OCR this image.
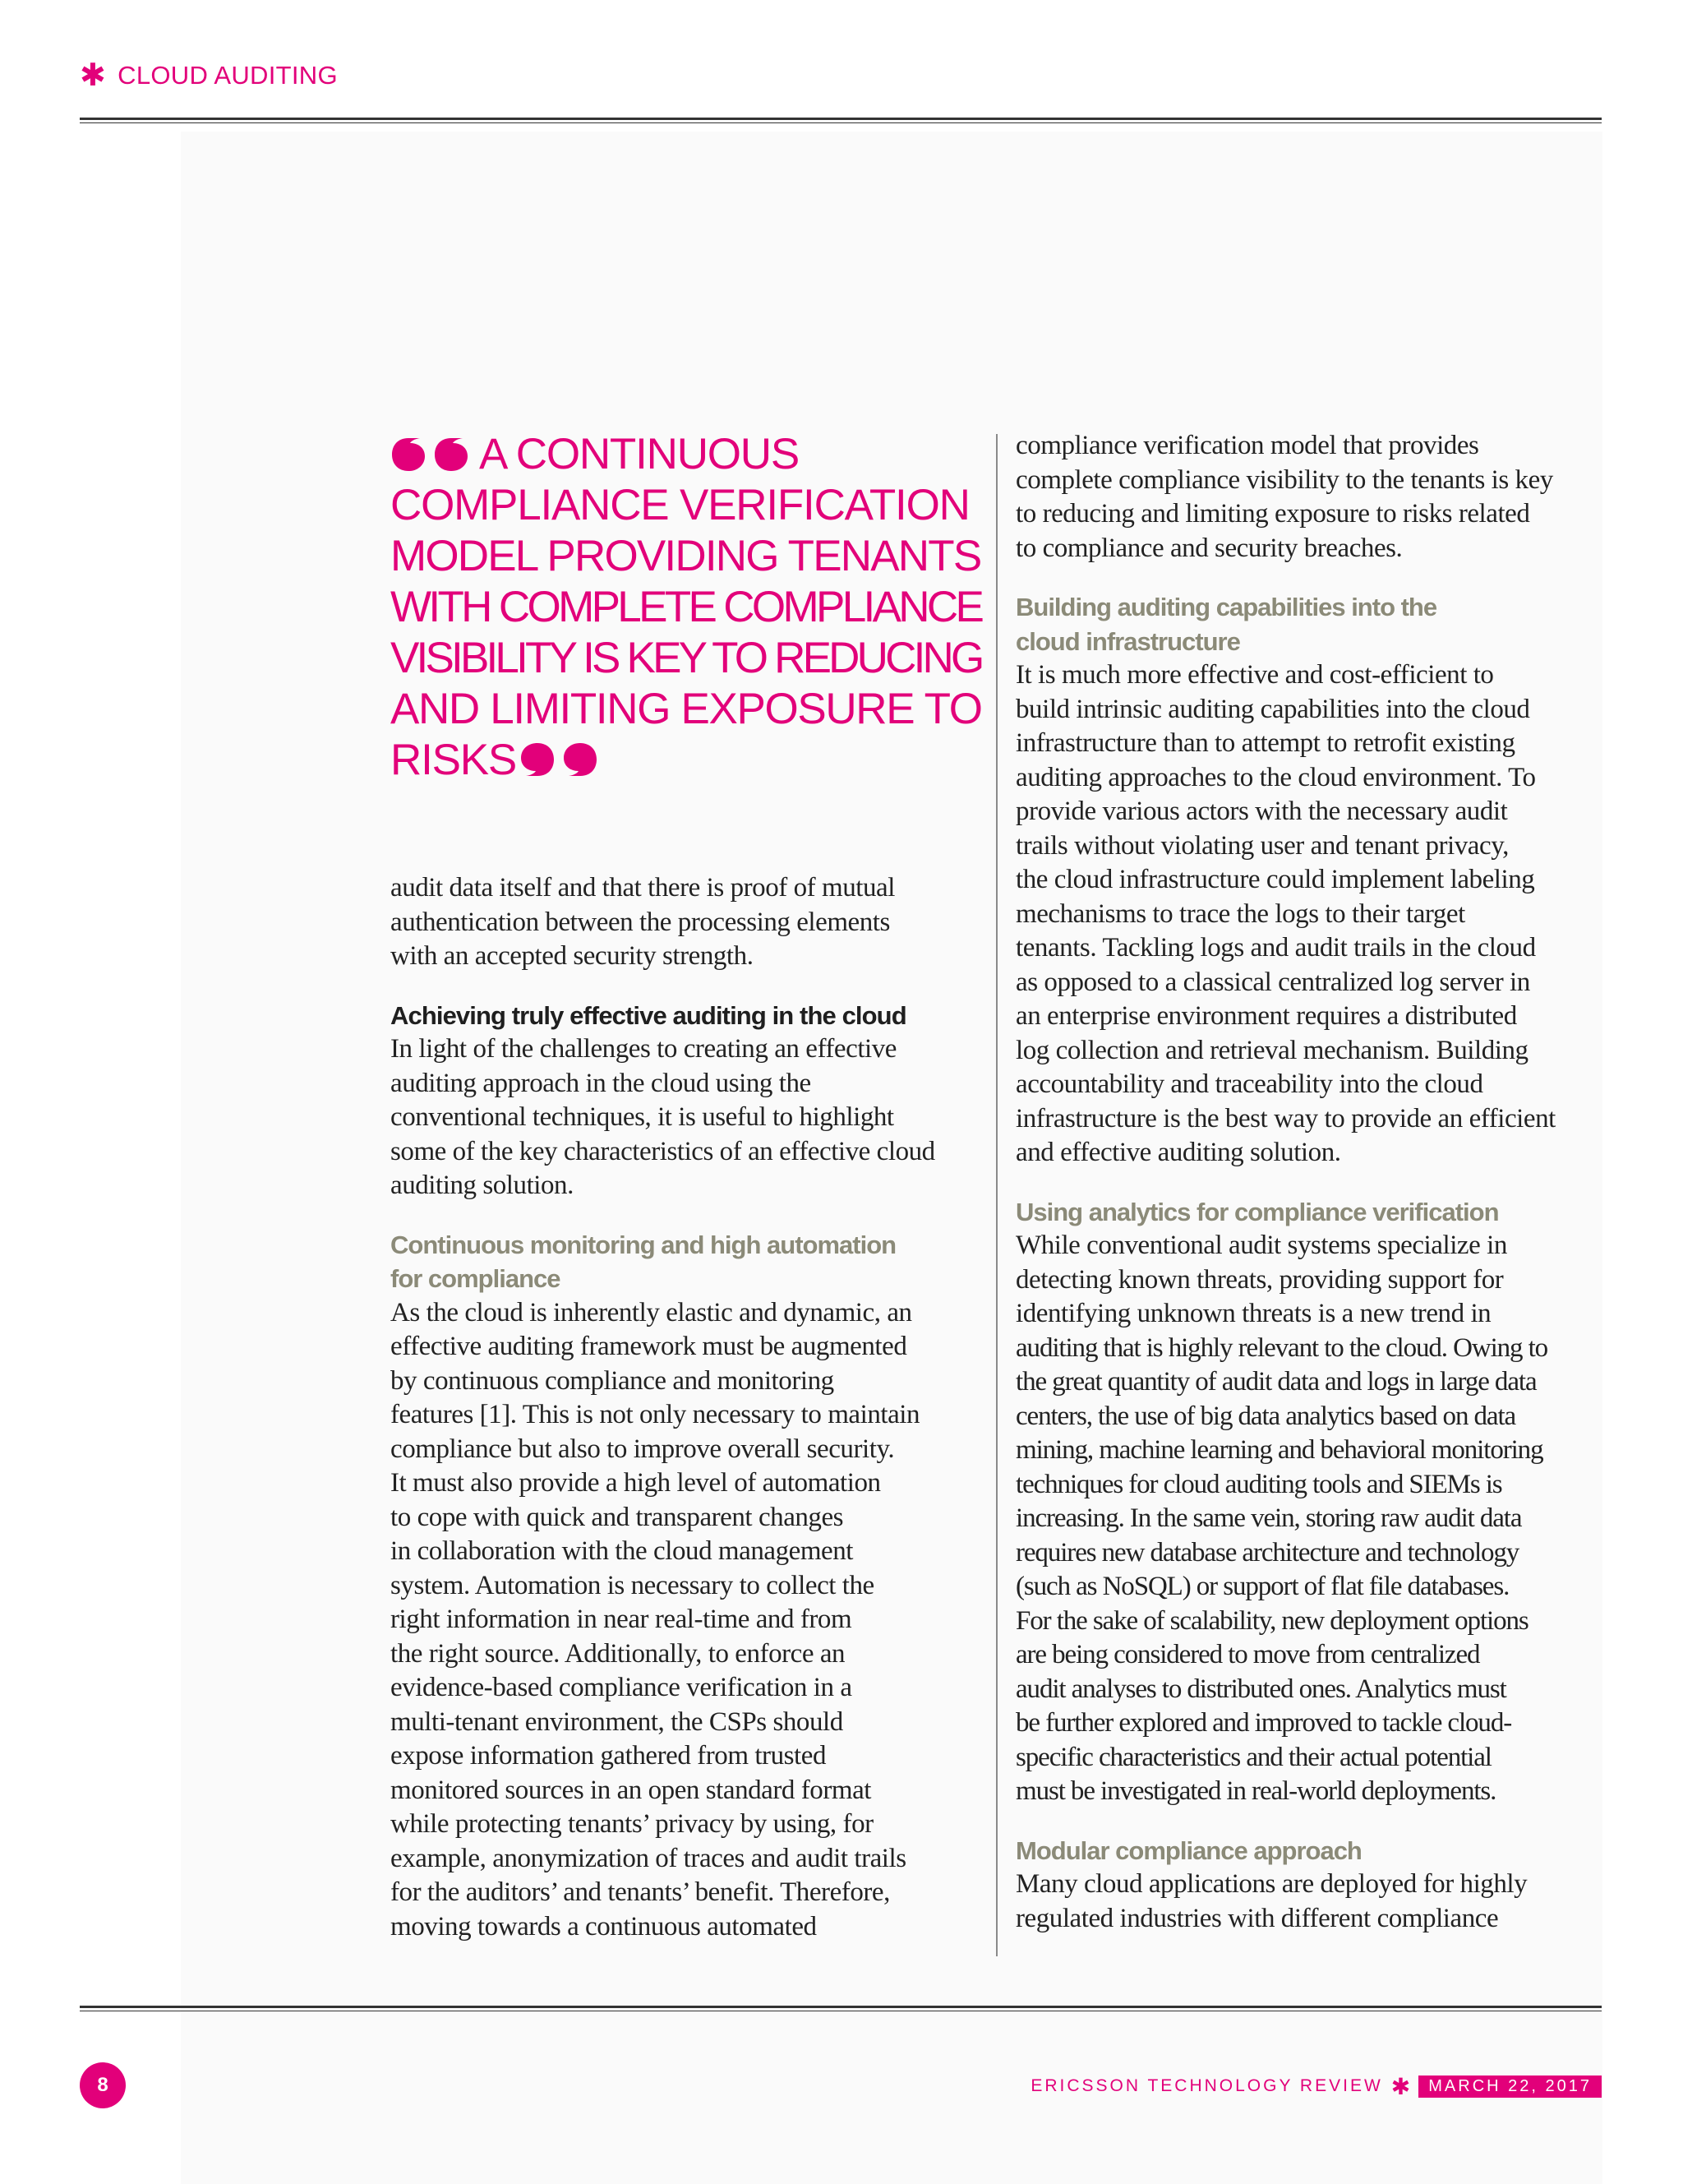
✱ CLOUD AUDITING
A CONTINUOUS
COMPLIANCE VERIFICATION
MODEL PROVIDING TENANTS
WITH COMPLETE COMPLIANCE
VISIBILITY IS KEY TO REDUCING
AND LIMITING EXPOSURE TO
RISKS

audit data itself and that there is proof of mutual
authentication between the processing elements
with an accepted security strength.

Achieving truly effective auditing in the cloud

In light of the challenges to creating an effective
auditing approach in the cloud using the
conventional techniques, it is useful to highlight
some of the key characteristics of an effective cloud
auditing solution.

Continuous monitoring and high automation
for compliance

As the cloud is inherently elastic and dynamic, an
effective auditing framework must be augmented
by continuous compliance and monitoring
features [1]. This is not only necessary to maintain
compliance but also to improve overall security.
It must also provide a high level of automation
to cope with quick and transparent changes
in collaboration with the cloud management
system. Automation is necessary to collect the
right information in near real-time and from
the right source. Additionally, to enforce an
evidence-based compliance verification in a
multi-tenant environment, the CSPs should
expose information gathered from trusted
monitored sources in an open standard format
while protecting tenants’ privacy by using, for
example, anonymization of traces and audit trails
for the auditors’ and tenants’ benefit. Therefore,
moving towards a continuous automated

compliance verification model that provides
complete compliance visibility to the tenants is key
to reducing and limiting exposure to risks related
to compliance and security breaches.

Building auditing capabilities into the
cloud infrastructure

It is much more effective and cost-efficient to
build intrinsic auditing capabilities into the cloud
infrastructure than to attempt to retrofit existing
auditing approaches to the cloud environment. To
provide various actors with the necessary audit
trails without violating user and tenant privacy,
the cloud infrastructure could implement labeling
mechanisms to trace the logs to their target
tenants. Tackling logs and audit trails in the cloud
as opposed to a classical centralized log server in
an enterprise environment requires a distributed
log collection and retrieval mechanism. Building
accountability and traceability into the cloud
infrastructure is the best way to provide an efficient
and effective auditing solution.

Using analytics for compliance verification

While conventional audit systems specialize in
detecting known threats, providing support for
identifying unknown threats is a new trend in
auditing that is highly relevant to the cloud. Owing to
the great quantity of audit data and logs in large data
centers, the use of big data analytics based on data
mining, machine learning and behavioral monitoring
techniques for cloud auditing tools and SIEMs is
increasing. In the same vein, storing raw audit data
requires new database architecture and technology
(such as NoSQL) or support of flat file databases.
For the sake of scalability, new deployment options
are being considered to move from centralized
audit analyses to distributed ones. Analytics must
be further explored and improved to tackle cloud-
specific characteristics and their actual potential
must be investigated in real-world deployments.

Modular compliance approach

Many cloud applications are deployed for highly
regulated industries with different compliance

8	ERICSSON TECHNOLOGY REVIEW ✱	MARCH 22, 2017
